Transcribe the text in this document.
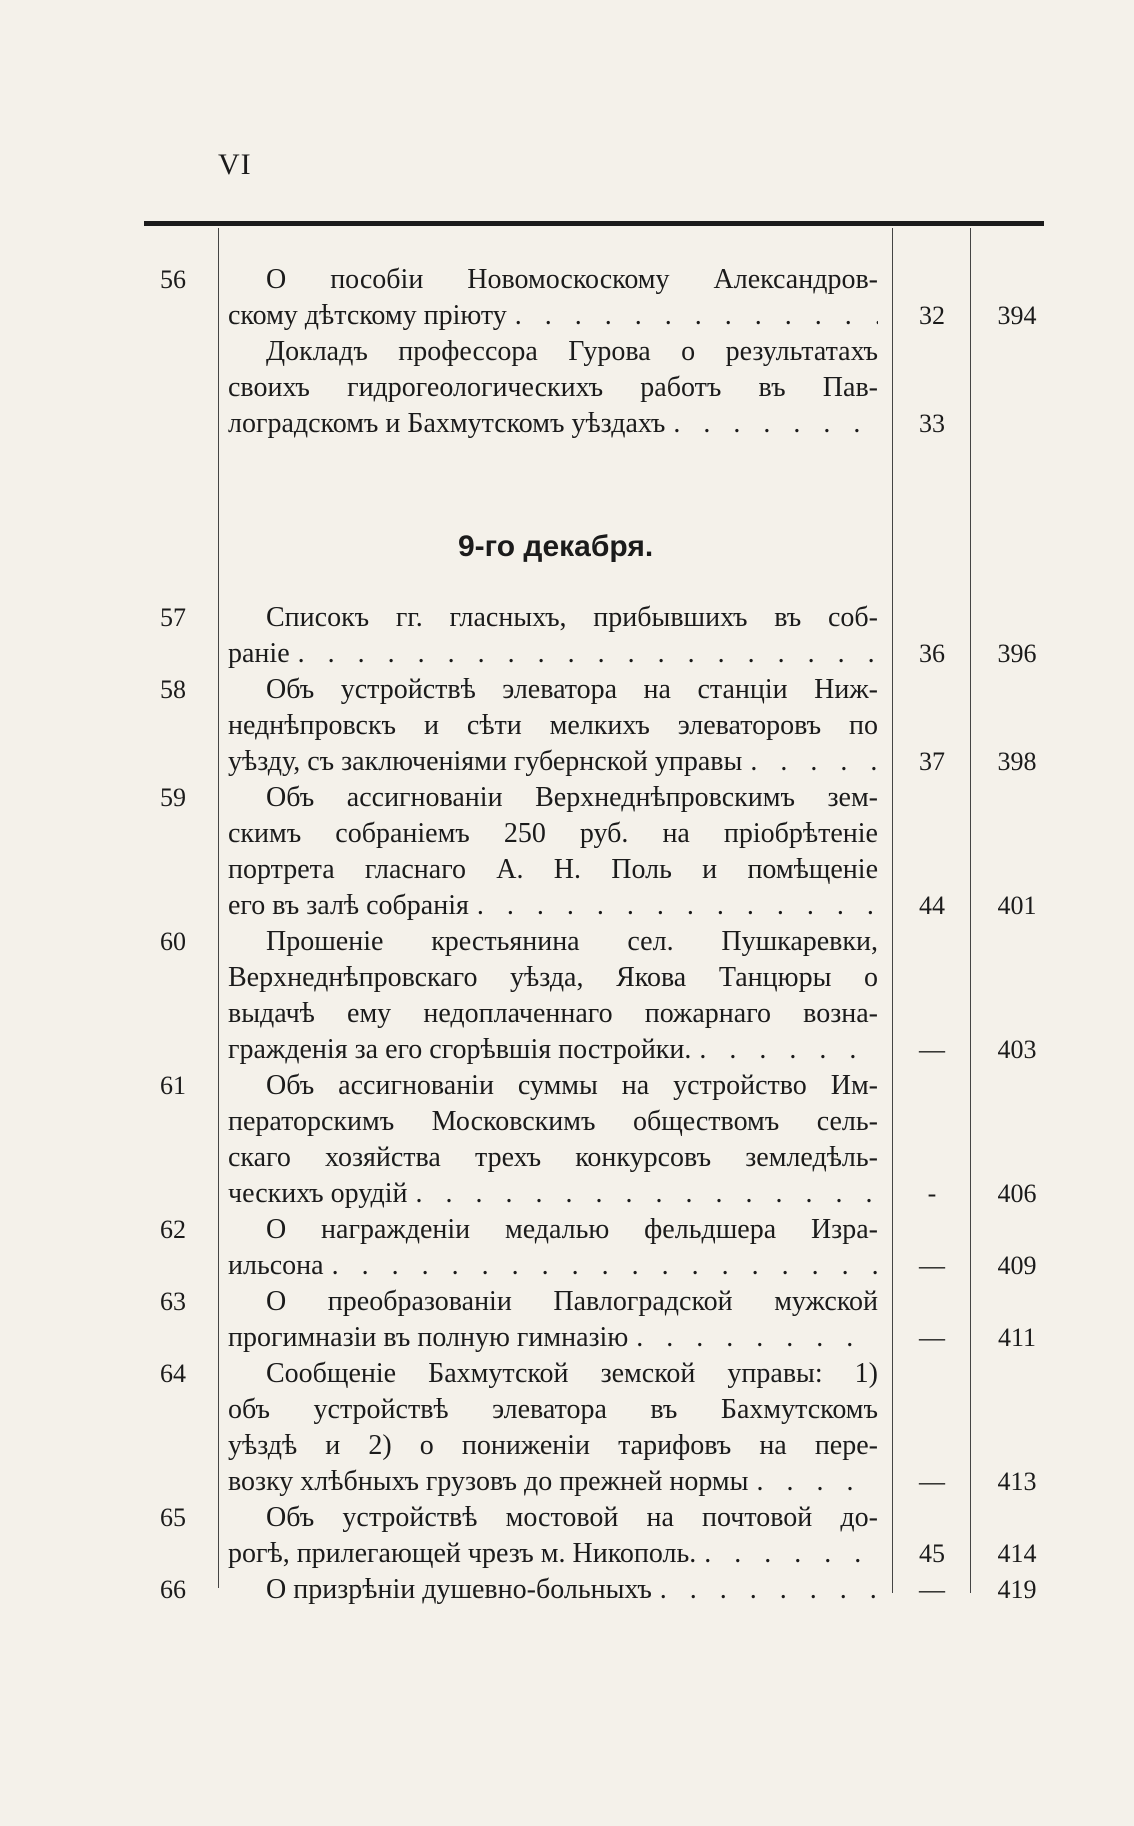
VI
56	О пособіи Новомоскоскому Александров-
скому дѣтскому пріюту . . .	32	394
Докладъ профессора Гурова о результатахъ
своихъ гидрогеологическихъ работъ въ Пав-
лоградскомъ и Бахмутскомъ уѣздахъ . . .	33
9-го декабря.
57	Списокъ гг. гласныхъ, прибывшихъ въ соб-
раніе . . .	36	396
58	Объ устройствѣ элеватора на станціи Ниж-
неднѣпровскъ и сѣти мелкихъ элеваторовъ по
уѣзду, съ заключеніями губернской управы . . .	37	398
59	Объ ассигнованіи Верхнеднѣпровскимъ зем-
скимъ собраніемъ 250 руб. на пріобрѣтеніе
портрета гласнаго А. Н. Поль и помѣщеніе
его въ залѣ собранія . . .	44	401
60	Прошеніе крестьянина сел. Пушкаревки,
Верхнеднѣпровскаго уѣзда, Якова Танцюры о
выдачѣ ему недоплаченнаго пожарнаго возна-
гражденія за его сгорѣвшія постройки. . . .	—	403
61	Объ ассигнованіи суммы на устройство Им-
ператорскимъ Московскимъ обществомъ сель-
скаго хозяйства трехъ конкурсовъ земледѣль-
ческихъ орудій . . .	-	406
62	О награжденіи медалью фельдшера Изра-
ильсона . . .	—	409
63	О преобразованіи Павлоградской мужской
прогимназіи въ полную гимназію . . .	—	411
64	Сообщеніе Бахмутской земской управы: 1)
объ устройствѣ элеватора въ Бахмутскомъ
уѣздѣ и 2) о пониженіи тарифовъ на пере-
возку хлѣбныхъ грузовъ до прежней нормы . . .	—	413
65	Объ устройствѣ мостовой на почтовой до-
рогѣ, прилегающей чрезъ м. Никополь. . . .	45	414
66	О призрѣніи душевно-больныхъ . . .	—	419
